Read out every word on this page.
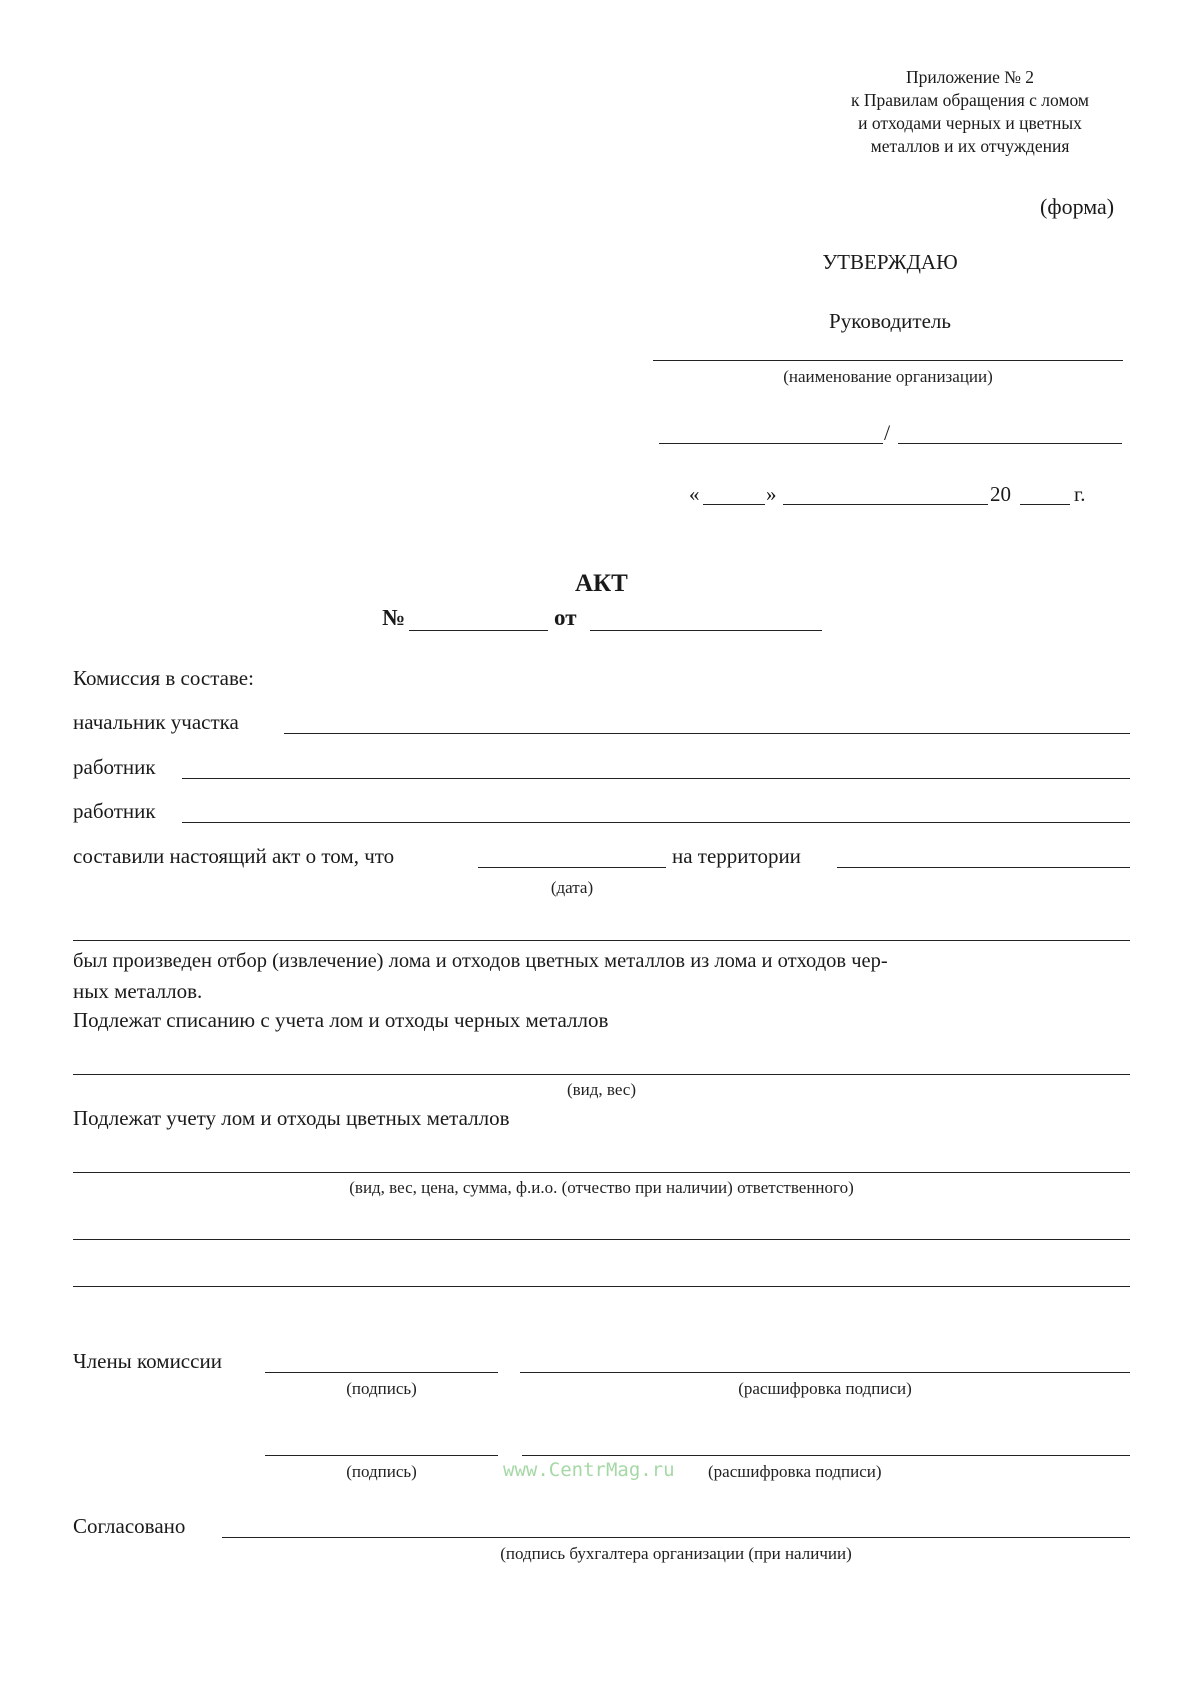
Приложение № 2
к Правилам обращения с ломом
и отходами черных и цветных
металлов и их отчуждения
(форма)
УТВЕРЖДАЮ
Руководитель
(наименование организации)
/
«	»	20	г.
АКТ
№	от
Комиссия в составе:
начальник участка
работник
работник
составили настоящий акт о том, что	на территории
(дата)
был произведен отбор (извлечение) лома и отходов цветных металлов из лома и отходов чер-
ных металлов.
Подлежат списанию с учета лом и отходы черных металлов
(вид, вес)
Подлежат учету лом и отходы цветных металлов
(вид, вес, цена, сумма, ф.и.о. (отчество при наличии) ответственного)
Члены комиссии
(подпись)	(расшифровка подписи)
(подпись)	www.CentrMag.ru (расшифровка подписи)
Согласовано
(подпись бухгалтера организации (при наличии)
